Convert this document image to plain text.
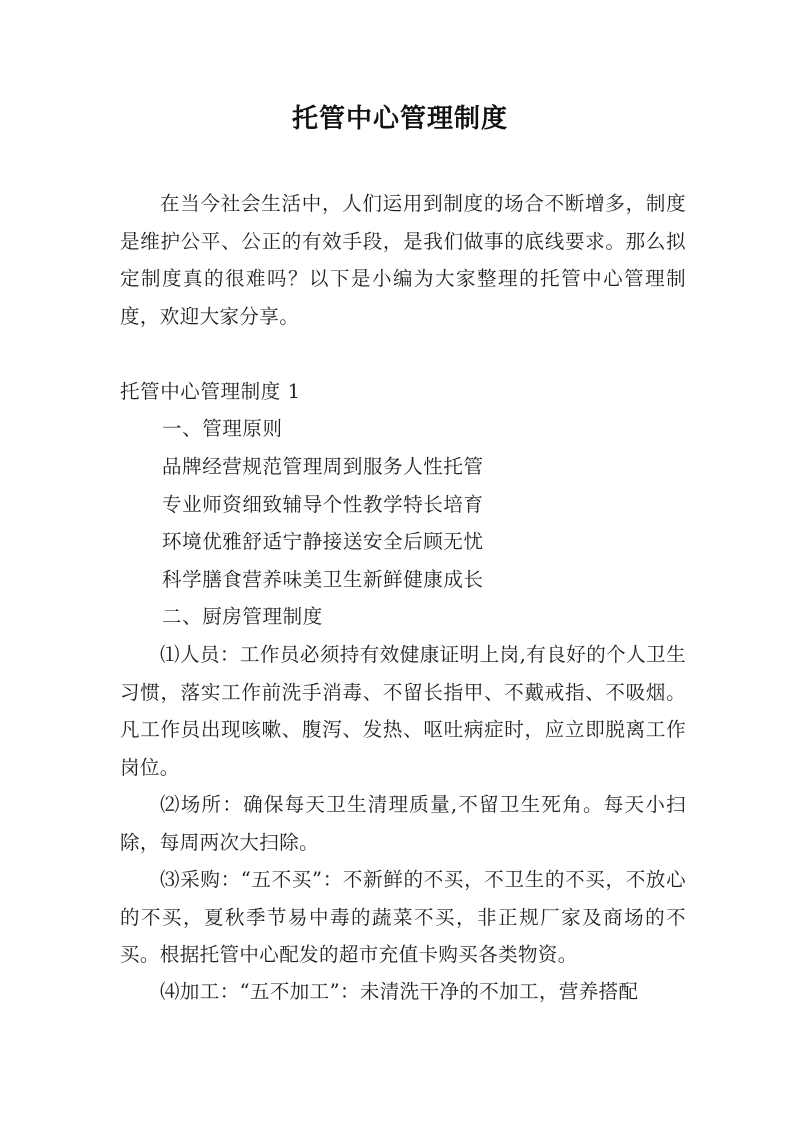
托管中心管理制度

在当今社会生活中，人们运用到制度的场合不断增多，制度是维护公平、公正的有效手段，是我们做事的底线要求。那么拟定制度真的很难吗？以下是小编为大家整理的托管中心管理制度，欢迎大家分享。

托管中心管理制度 1
一、管理原则
品牌经营规范管理周到服务人性托管
专业师资细致辅导个性教学特长培育
环境优雅舒适宁静接送安全后顾无忧
科学膳食营养味美卫生新鲜健康成长
二、厨房管理制度

⑴人员：工作员必须持有效健康证明上岗,有良好的个人卫生习惯，落实工作前洗手消毒、不留长指甲、不戴戒指、不吸烟。凡工作员出现咳嗽、腹泻、发热、呕吐病症时，应立即脱离工作岗位。

⑵场所：确保每天卫生清理质量,不留卫生死角。每天小扫除，每周两次大扫除。

⑶采购：“五不买”：不新鲜的不买，不卫生的不买，不放心的不买，夏秋季节易中毒的蔬菜不买，非正规厂家及商场的不买。根据托管中心配发的超市充值卡购买各类物资。

⑷加工：“五不加工”：未清洗干净的不加工，营养搭配
